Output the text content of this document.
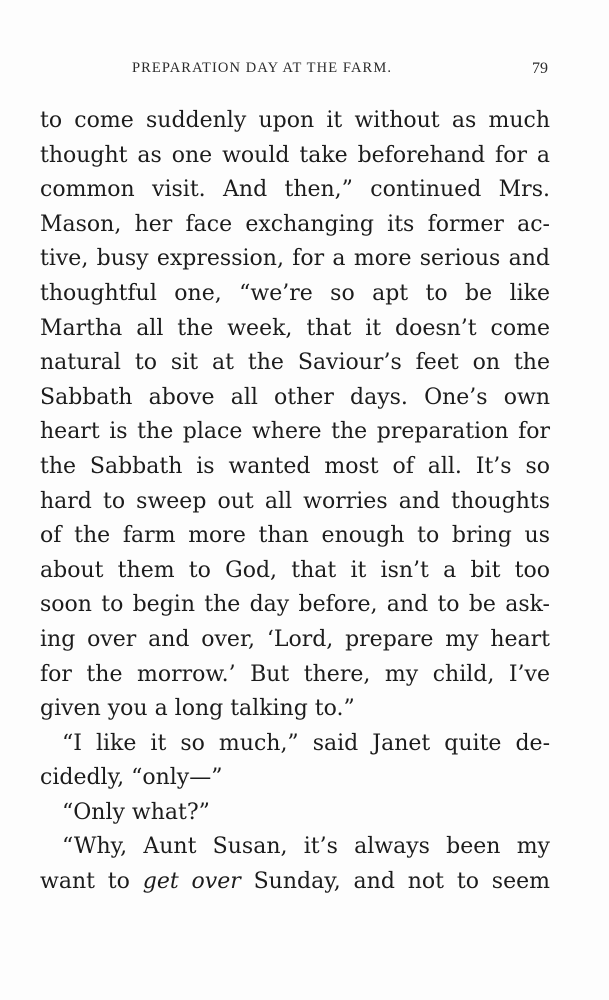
PREPARATION DAY AT THE FARM.	79
to come suddenly upon it without as much
thought as one would take beforehand for a
common visit. And then,” continued Mrs.
Mason, her face exchanging its former ac-
tive, busy expression, for a more serious and
thoughtful one, “we’re so apt to be like
Martha all the week, that it doesn’t come
natural to sit at the Saviour’s feet on the
Sabbath above all other days. One’s own
heart is the place where the preparation for
the Sabbath is wanted most of all. It’s so
hard to sweep out all worries and thoughts
of the farm more than enough to bring us
about them to God, that it isn’t a bit too
soon to begin the day before, and to be ask-
ing over and over, ‘Lord, prepare my heart
for the morrow.’ But there, my child, I’ve
given you a long talking to.”
“I like it so much,” said Janet quite de-
cidedly, “only—”
“Only what?”
“Why, Aunt Susan, it’s always been my
want to get over Sunday, and not to seem
